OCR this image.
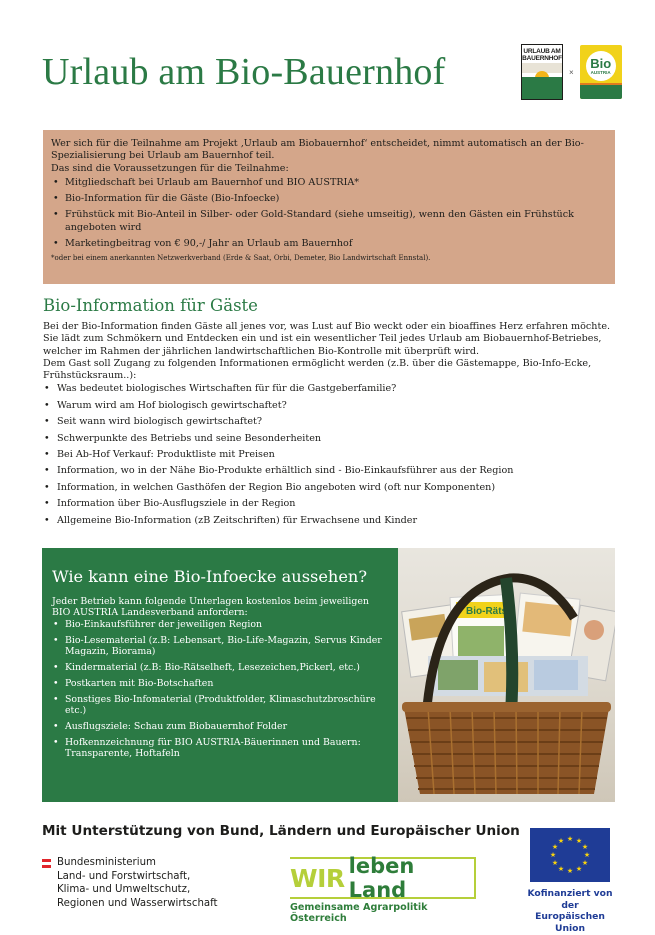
Urlaub am Bio-Bauernhof	URLAUB AM BAUERNHOF
×
Bio
AUSTRIA

Wer sich für die Teilnahme am Projekt ‚Urlaub am Biobauernhof‘ entscheidet, nimmt automatisch an der Bio-Spezialisierung bei Urlaub am Bauernhof teil.

Das sind die Voraussetzungen für die Teilnahme:

• Mitgliedschaft bei Urlaub am Bauernhof und BIO AUSTRIA*
• Bio-Information für die Gäste (Bio-Infoecke)
• Frühstück mit Bio-Anteil in Silber- oder Gold-Standard (siehe umseitig), wenn den Gästen ein Frühstück angeboten wird
• Marketingbeitrag von € 90,-/ Jahr an Urlaub am Bauernhof

*oder bei einem anerkannten Netzwerkverband (Erde & Saat, Orbi, Demeter, Bio Landwirtschaft Ennstal).

Bio-Information für Gäste

Bei der Bio-Information finden Gäste all jenes vor, was Lust auf Bio weckt oder ein bioaffines Herz erfahren möchte. Sie lädt zum Schmökern und Entdecken ein und ist ein wesentlicher Teil jedes Urlaub am Biobauernhof-Betriebes, welcher im Rahmen der jährlichen landwirtschaftlichen Bio-Kontrolle mit überprüft wird.

Dem Gast soll Zugang zu folgenden Informationen ermöglicht werden (z.B. über die Gästemappe, Bio-Info-Ecke, Frühstücksraum..):

• Was bedeutet biologisches Wirtschaften für für die Gastgeberfamilie?
• Warum wird am Hof biologisch gewirtschaftet?
• Seit wann wird biologisch gewirtschaftet?
• Schwerpunkte des Betriebs und seine Besonderheiten
• Bei Ab-Hof Verkauf: Produktliste mit Preisen
• Information, wo in der Nähe Bio-Produkte erhältlich sind - Bio-Einkaufsführer aus der Region
• Information, in welchen Gasthöfen der Region Bio angeboten wird (oft nur Komponenten)
• Information über Bio-Ausflugsziele in der Region
• Allgemeine Bio-Information (zB Zeitschriften) für Erwachsene und Kinder
Wie kann eine Bio-Infoecke aussehen?

Jeder Betrieb kann folgende Unterlagen kostenlos beim jeweiligen BIO AUSTRIA Landesverband anfordern:

• Bio-Einkaufsführer der jeweiligen Region
• Bio-Lesematerial (z.B: Lebensart, Bio-Life-Magazin, Servus Kinder Magazin, Biorama)
• Kindermaterial (z.B: Bio-Rätselheft, Lesezeichen,Pickerl, etc.)
• Postkarten mit Bio-Botschaften
• Sonstiges Bio-Infomaterial (Produktfolder, Klimaschutzbroschüre etc.)
• Ausflugsziele: Schau zum Biobauernhof Folder
• Hofkennzeichnung für BIO AUSTRIA-Bäuerinnen und Bauern: Transparente, Hoftafeln
Bio-Rätsel

Mit Unterstützung von Bund, Ländern und Europäischer Union

Bundesministerium
Land- und Forstwirtschaft,
Klima- und Umweltschutz,
Regionen und Wasserwirtschaft
WIR leben Land
Gemeinsame Agrarpolitik Österreich
★ ★
★
★
★
★
★
★
★
★
★
★
Kofinanziert von der
Europäischen Union
